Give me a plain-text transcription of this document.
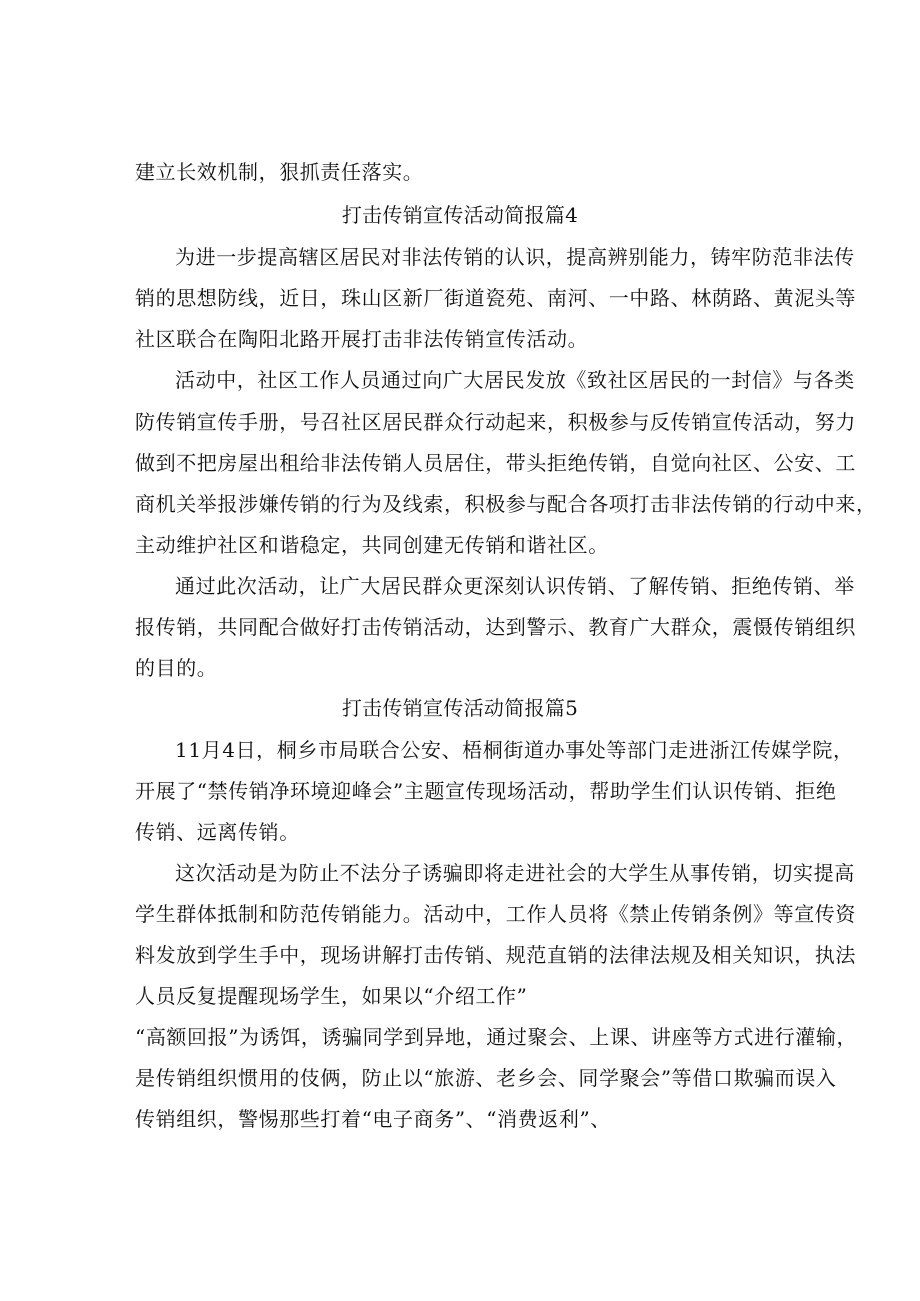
建立长效机制，狠抓责任落实。
打击传销宣传活动简报篇4
为进一步提高辖区居民对非法传销的认识，提高辨别能力，铸牢防范非法传
销的思想防线，近日，珠山区新厂街道瓷苑、南河、一中路、林荫路、黄泥头等
社区联合在陶阳北路开展打击非法传销宣传活动。
活动中，社区工作人员通过向广大居民发放《致社区居民的一封信》与各类
防传销宣传手册，号召社区居民群众行动起来，积极参与反传销宣传活动，努力
做到不把房屋出租给非法传销人员居住，带头拒绝传销，自觉向社区、公安、工
商机关举报涉嫌传销的行为及线索，积极参与配合各项打击非法传销的行动中来，
主动维护社区和谐稳定，共同创建无传销和谐社区。
通过此次活动，让广大居民群众更深刻认识传销、了解传销、拒绝传销、举
报传销，共同配合做好打击传销活动，达到警示、教育广大群众，震慑传销组织
的目的。
打击传销宣传活动简报篇5
11月4日，桐乡市局联合公安、梧桐街道办事处等部门走进浙江传媒学院，
开展了“禁传销净环境迎峰会”主题宣传现场活动，帮助学生们认识传销、拒绝
传销、远离传销。
这次活动是为防止不法分子诱骗即将走进社会的大学生从事传销，切实提高
学生群体抵制和防范传销能力。活动中，工作人员将《禁止传销条例》等宣传资
料发放到学生手中，现场讲解打击传销、规范直销的法律法规及相关知识，执法
人员反复提醒现场学生，如果以“介绍工作”
“高额回报”为诱饵，诱骗同学到异地，通过聚会、上课、讲座等方式进行灌输，
是传销组织惯用的伎俩，防止以“旅游、老乡会、同学聚会”等借口欺骗而误入
传销组织，警惕那些打着“电子商务”、“消费返利”、
